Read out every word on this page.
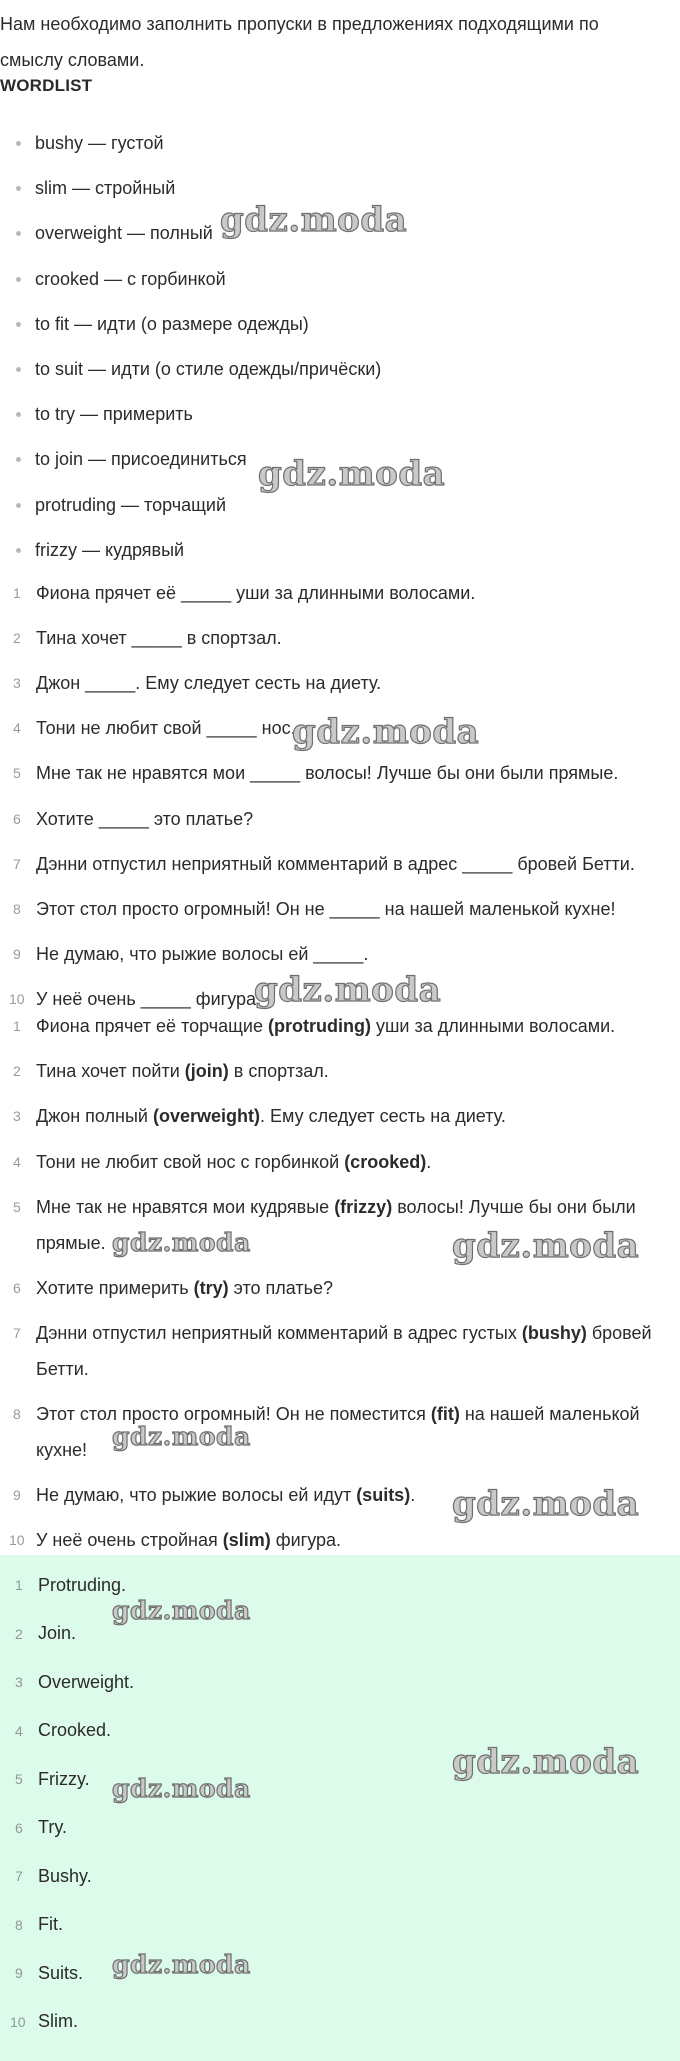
Нам необходимо заполнить пропуски в предложениях подходящими по смыслу словами.

WORDLIST
bushy — густой
slim — стройный
overweight — полный
crooked — с горбинкой
to fit — идти (о размере одежды)
to suit — идти (о стиле одежды/причёски)
to try — примерить
to join — присоединиться
protruding — торчащий
frizzy — кудрявый
1 Фиона прячет её _____ уши за длинными волосами.
2 Тина хочет _____ в спортзал.
3 Джон _____. Ему следует сесть на диету.
4 Тони не любит свой _____ нос.
5 Мне так не нравятся мои _____ волосы! Лучше бы они были прямые.
6 Хотите _____ это платье?
7 Дэнни отпустил неприятный комментарий в адрес _____ бровей Бетти.
8 Этот стол просто огромный! Он не _____ на нашей маленькой кухне!
9 Не думаю, что рыжие волосы ей _____.
10 У неё очень _____ фигура.
1 Фиона прячет её торчащие (protruding) уши за длинными волосами.
2 Тина хочет пойти (join) в спортзал.
3 Джон полный (overweight). Ему следует сесть на диету.
4 Тони не любит свой нос с горбинкой (crooked).
5 Мне так не нравятся мои кудрявые (frizzy) волосы! Лучше бы они были прямые.
6 Хотите примерить (try) это платье?
7 Дэнни отпустил неприятный комментарий в адрес густых (bushy) бровей Бетти.
8 Этот стол просто огромный! Он не поместится (fit) на нашей маленькой кухне!
9 Не думаю, что рыжие волосы ей идут (suits).
10 У неё очень стройная (slim) фигура.
1 Protruding.
2 Join.
3 Overweight.
4 Crooked.
5 Frizzy.
6 Try.
7 Bushy.
8 Fit.
9 Suits.
10 Slim.
gdz.moda
gdz.moda
gdz.moda
gdz.moda
gdz.moda	gdz.moda
gdz.moda
gdz.moda
gdz.moda
gdz.moda
gdz.moda
gdz.moda
